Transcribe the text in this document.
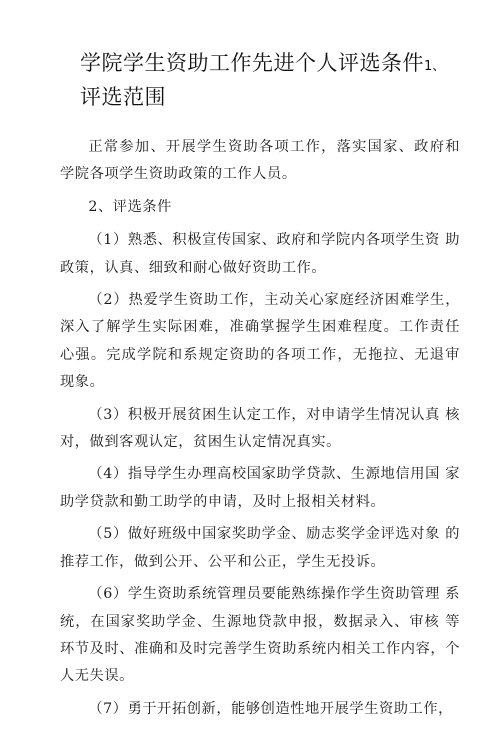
学院学生资助工作先进个人评选条件1、
评选范围

正常参加、开展学生资助各项工作，落实国家、政府和 学院各项学生资助政策的工作人员。

2、评选条件

（1）熟悉、积极宣传国家、政府和学院内各项学生资 助政策，认真、细致和耐心做好资助工作。

（2）热爱学生资助工作，主动关心家庭经济困难学生，深入了解学生实际困难，准确掌握学生困难程度。工作责任 心强。完成学院和系规定资助的各项工作，无拖拉、无退审 现象。

（3）积极开展贫困生认定工作，对申请学生情况认真 核对，做到客观认定，贫困生认定情况真实。

（4）指导学生办理高校国家助学贷款、生源地信用国 家助学贷款和勤工助学的申请，及时上报相关材料。

（5）做好班级中国家奖助学金、励志奖学金评选对象 的推荐工作，做到公开、公平和公正，学生无投诉。

（6）学生资助系统管理员要能熟练操作学生资助管理 系统，在国家奖助学金、生源地贷款申报，数据录入、审核 等环节及时、准确和及时完善学生资助系统内相关工作内容，个人无失误。

（7）勇于开拓创新，能够创造性地开展学生资助工作，
